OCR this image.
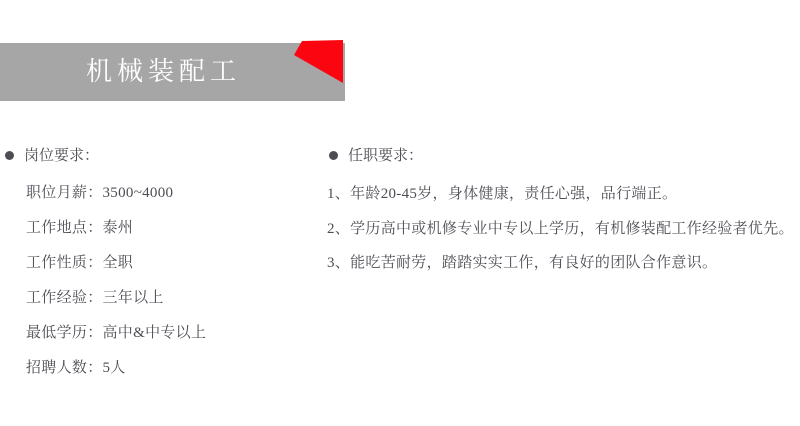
机械装配工
岗位要求：
职位月薪：3500~4000
工作地点：泰州
工作性质：全职
工作经验：三年以上
最低学历：高中&中专以上
招聘人数：5人
任职要求：
1、年龄20-45岁，身体健康，责任心强，品行端正。
2、学历高中或机修专业中专以上学历，有机修装配工作经验者优先。
3、能吃苦耐劳，踏踏实实工作，有良好的团队合作意识。
